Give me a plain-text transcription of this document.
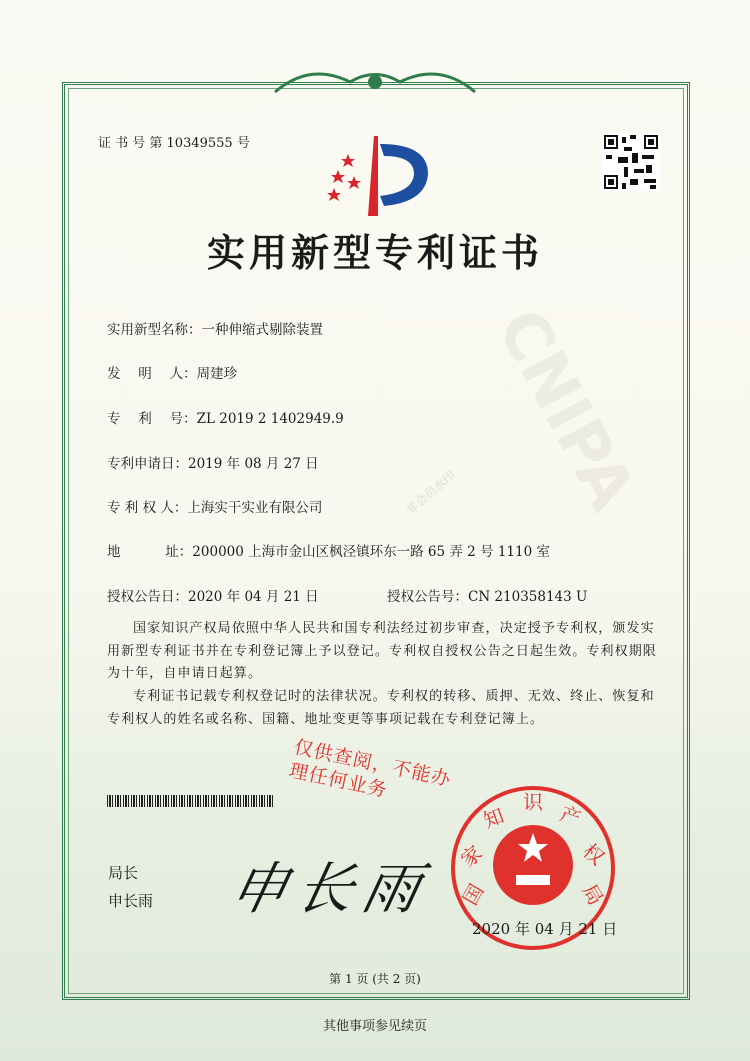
CNIPA
非会员水印
证 书 号 第 10349555 号
实用新型专利证书
实用新型名称：一种伸缩式剔除装置
发　 明　 人：周建珍
专　 利　 号：ZL 2019 2 1402949.9
专利申请日：2019 年 08 月 27 日
专 利 权 人：上海实干实业有限公司
地　　　 址：200000 上海市金山区枫泾镇环东一路 65 弄 2 号 1110 室
授权公告日：2020 年 04 月 21 日	授权公告号：CN 210358143 U
国家知识产权局依照中华人民共和国专利法经过初步审查，决定授予专利权，颁发实用新型专利证书并在专利登记簿上予以登记。专利权自授权公告之日起生效。专利权期限为十年，自申请日起算。
专利证书记载专利权登记时的法律状况。专利权的转移、质押、无效、终止、恢复和专利权人的姓名或名称、国籍、地址变更等事项记载在专利登记簿上。
仅供查阅，不能办理任何业务
局长
申长雨 申长雨 国
家
知
识 产
权
局
2020 年 04 月 21 日
第 1 页 (共 2 页)
其他事项参见续页
